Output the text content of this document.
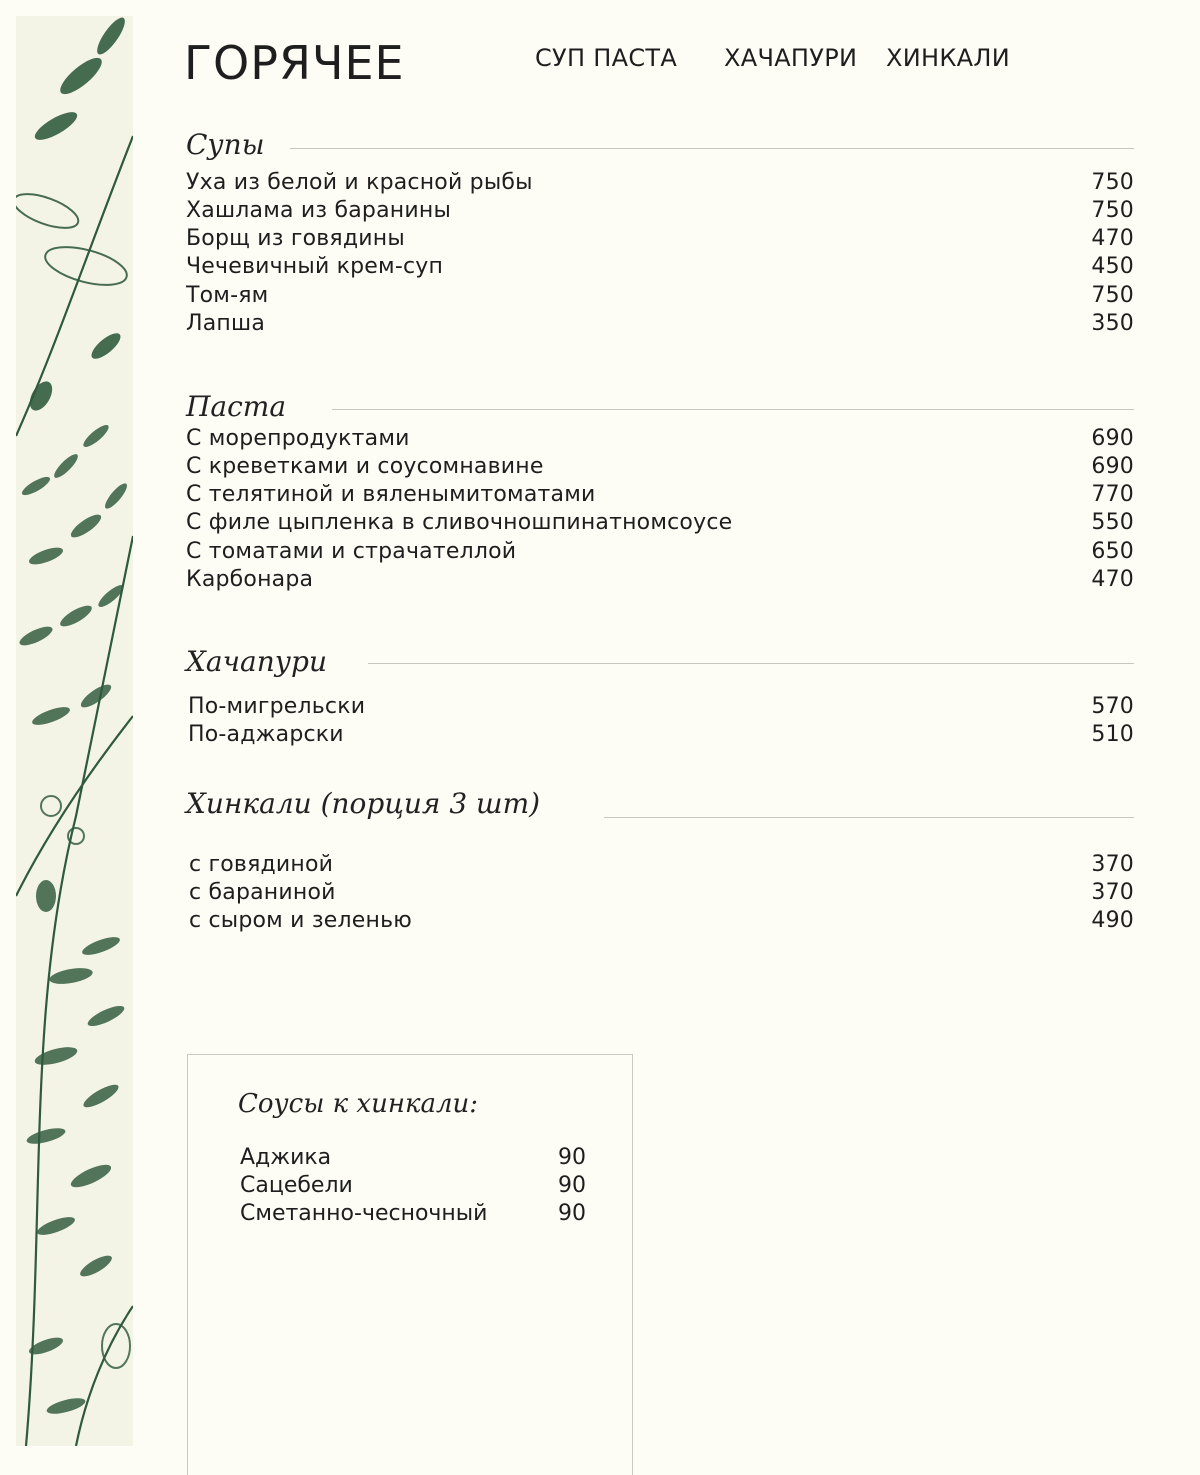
ГОРЯЧЕЕ	СУП ПАСТА ХАЧАПУРИ ХИНКАЛИ
Супы
Уха из белой и красной рыбы	750
Хашлама из баранины	750
Борщ из говядины	470
Чечевичный крем-суп	450
Том-ям	750
Лапша	350
Паста
С морепродуктами	690
С креветками и соусомнавине	690
С телятиной и вяленымитоматами	770
С филе цыпленка в сливочношпинатномсоусе	550
С томатами и страчателлой	650
Карбонара	470
Хачапури
По-мигрельски	570
По-аджарски	510
Хинкали (порция 3 шт)
с говядиной	370
с бараниной	370
с сыром и зеленью	490
Соусы к хинкали:
Аджика	90
Сацебели	90
Сметанно-чесночный	90
